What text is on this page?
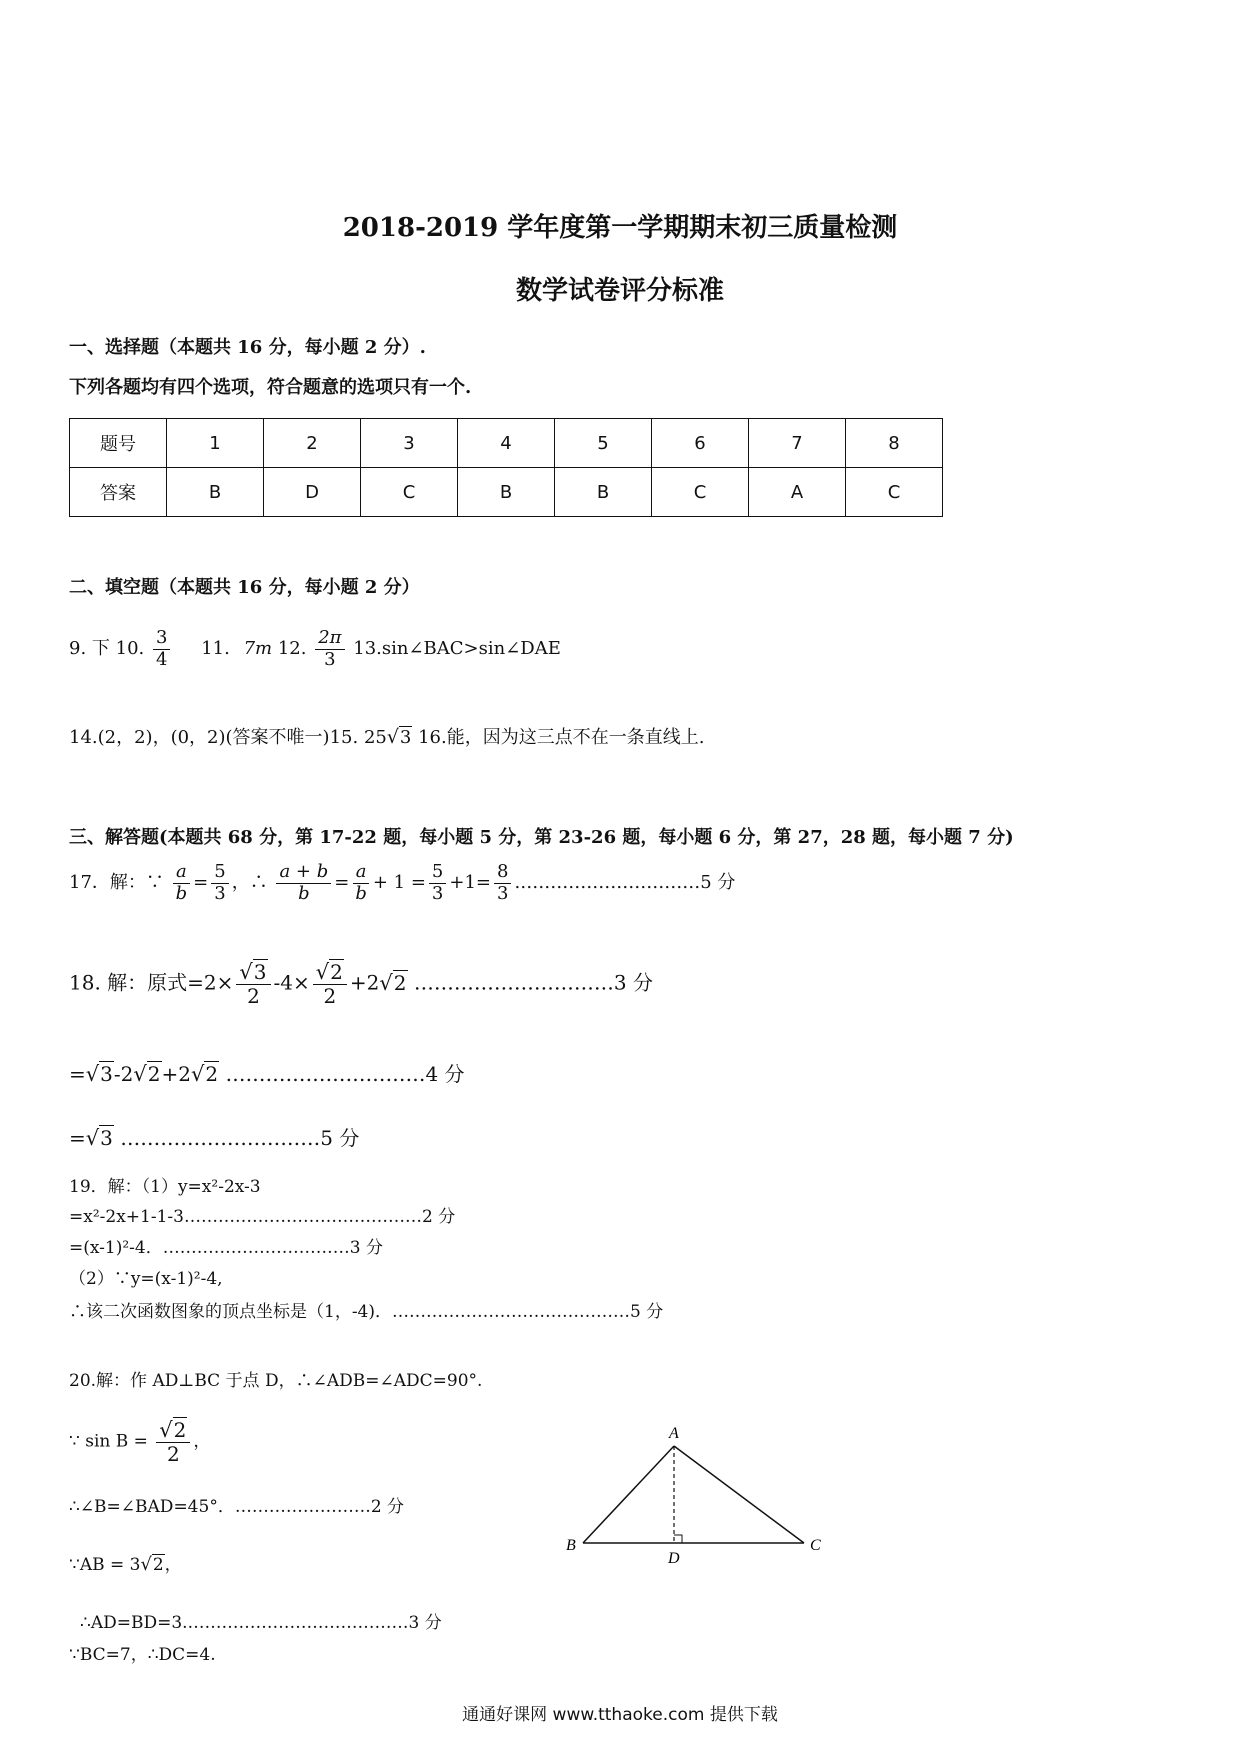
2018-2019 学年度第一学期期末初三质量检测
数学试卷评分标准
一、选择题（本题共 16 分，每小题 2 分）.
下列各题均有四个选项，符合题意的选项只有一个.
题号	1	2	3	4	5	6	7	8
答案	B	D	C	B	B	C	A	C
二、填空题（本题共 16 分，每小题 2 分）
9. 下 10. $\frac{3}{4} 11$. 7m 12. $\frac{2\pi}{3}$ 13.sin∠BAC>sin∠DAE
14.(2，2)，(0，2)(答案不唯一)15. 25√3 16.能，因为这三点不在一条直线上.
三、解答题(本题共 68 分，第 17-22 题，每小题 5 分，第 23-26 题，每小题 6 分，第 27，28 题，每小题 7 分)
17．解：∵ $\frac{a}{b} = \frac{5}{3}$ ，∴ $\frac{a + b}{b} = \frac{a}{b} + 1 = \frac{5}{3} +1= \frac{8}{3}$ .…………………………5 分
18. 解：原式$=2\times \frac{√3}{2} -4\times \frac{√2}{2} +2√2$ …………………………3 分
=√3-2√2+2√2 …………………………4 分
=√3 …………………………5 分
19．解：（1）y=x²-2x-3
=x²-2x+1-1-3……………………………………2 分
=(x-1)²-4．……………………………3 分
（2）∵y=(x-1)²-4,
∴该二次函数图象的顶点坐标是（1，-4)．……………………………………5 分
20.解：作 AD⊥BC 于点 D，∴∠ADB=∠ADC=90°.
∵ $\sin B = \frac{√2}{2}$ ，
∴∠B=∠BAD=45°．……………………2 分
∵AB = 3√2，
∴AD=BD=3.…………………………………3 分
∵BC=7，∴DC=4.
A
B	C
D
通通好课网 www.tthaoke.com 提供下载
